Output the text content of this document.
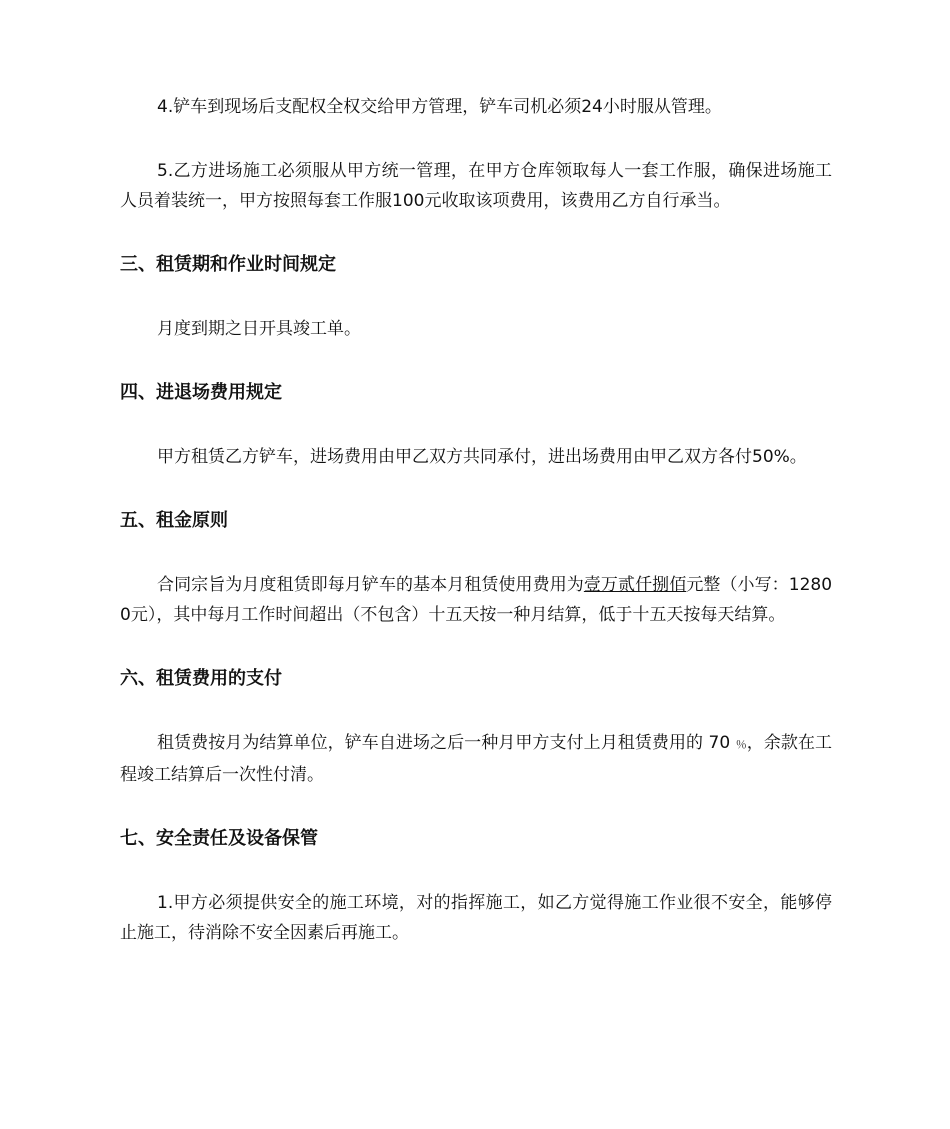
4.铲车到现场后支配权全权交给甲方管理，铲车司机必须24小时服从管理。

5.乙方进场施工必须服从甲方统一管理，在甲方仓库领取每人一套工作服，确保进场施工人员着装统一，甲方按照每套工作服100元收取该项费用，该费用乙方自行承当。

三、租赁期和作业时间规定

月度到期之日开具竣工单。

四、进退场费用规定

甲方租赁乙方铲车，进场费用由甲乙双方共同承付，进出场费用由甲乙双方各付50%。

五、租金原则

合同宗旨为月度租赁即每月铲车的基本月租赁使用费用为壹万贰仟捌佰元整（小写：12800元），其中每月工作时间超出（不包含）十五天按一种月结算，低于十五天按每天结算。

六、租赁费用的支付

租赁费按月为结算单位，铲车自进场之后一种月甲方支付上月租赁费用的 70 ％，余款在工程竣工结算后一次性付清。

七、安全责任及设备保管

1.甲方必须提供安全的施工环境，对的指挥施工，如乙方觉得施工作业很不安全，能够停止施工，待消除不安全因素后再施工。
